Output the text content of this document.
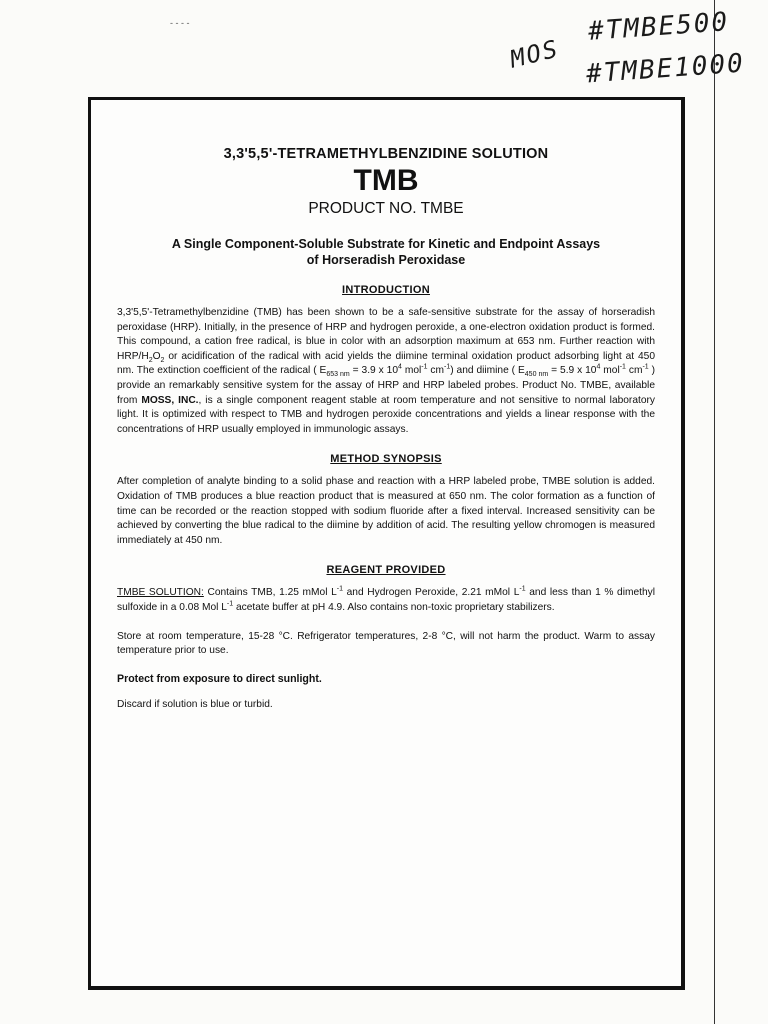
- - - -
MOS
#TMBE500
#TMBE1000
3,3'5,5'-TETRAMETHYLBENZIDINE SOLUTION
TMB
PRODUCT NO. TMBE
A Single Component-Soluble Substrate for Kinetic and Endpoint Assays
of Horseradish Peroxidase
INTRODUCTION

3,3'5,5'-Tetramethylbenzidine (TMB) has been shown to be a safe-sensitive substrate for the assay of horseradish peroxidase (HRP). Initially, in the presence of HRP and hydrogen peroxide, a one-electron oxidation product is formed. This compound, a cation free radical, is blue in color with an adsorption maximum at 653 nm. Further reaction with HRP/$H_2O_2$ or acidification of the radical with acid yields the diimine terminal oxidation product adsorbing light at 450 nm. The extinction coefficient of the radical ( $E_{653 nm} = 3.9$ x $10^4$ mol$^{-1}$ $cm^{-1}$) and diimine ( $E_{450 nm} = 5.9$ x $10^4$ mol$^{-1}$ $cm^{-1}$ ) provide an remarkably sensitive system for the assay of HRP and HRP labeled probes. Product No. TMBE, available from MOSS, INC., is a single component reagent stable at room temperature and not sensitive to normal laboratory light. It is optimized with respect to TMB and hydrogen peroxide concentrations and yields a linear response with the concentrations of HRP usually employed in immunologic assays.

METHOD SYNOPSIS

After completion of analyte binding to a solid phase and reaction with a HRP labeled probe, TMBE solution is added. Oxidation of TMB produces a blue reaction product that is measured at 650 nm. The color formation as a function of time can be recorded or the reaction stopped with sodium fluoride after a fixed interval. Increased sensitivity can be achieved by converting the blue radical to the diimine by addition of acid. The resulting yellow chromogen is measured immediately at 450 nm.

REAGENT PROVIDED

TMBE SOLUTION: Contains TMB, 1.25 mMol $L^{-1}$ and Hydrogen Peroxide, 2.21 mMol $L^{-1}$ and less than 1 % dimethyl sulfoxide in a 0.08 Mol $L^{-1}$ acetate buffer at pH 4.9. Also contains non-toxic proprietary stabilizers.

Store at room temperature, 15-28 °C. Refrigerator temperatures, 2-8 °C, will not harm the product. Warm to assay temperature prior to use.

Protect from exposure to direct sunlight.
Discard if solution is blue or turbid.
